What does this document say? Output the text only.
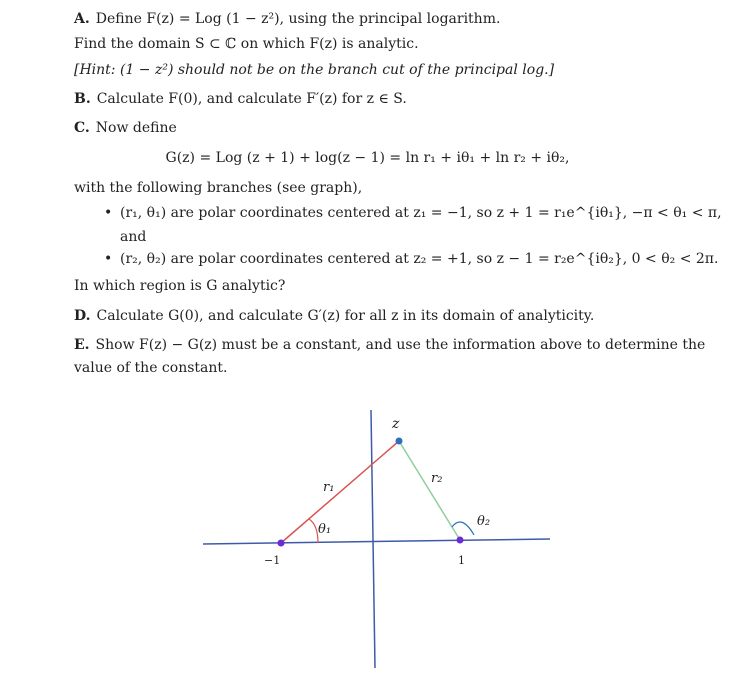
A. Define F(z) = Log (1 − z²), using the principal logarithm.
Find the domain S ⊂ ℂ on which F(z) is analytic.
[Hint: (1 − z²) should not be on the branch cut of the principal log.]
B. Calculate F(0), and calculate F′(z) for z ∈ S.
C. Now define
G(z) = Log (z + 1) + log(z − 1) = ln r₁ + iθ₁ + ln r₂ + iθ₂,
with the following branches (see graph),
• (r₁, θ₁) are polar coordinates centered at z₁ = −1, so z + 1 = r₁e^{iθ₁}, −π < θ₁ < π,
and
• (r₂, θ₂) are polar coordinates centered at z₂ = +1, so z − 1 = r₂e^{iθ₂}, 0 < θ₂ < 2π.
In which region is G analytic?
D. Calculate G(0), and calculate G′(z) for all z in its domain of analyticity.
E. Show F(z) − G(z) must be a constant, and use the information above to determine the
value of the constant.
z
r₁
r₂
θ₁
θ₂
−1	1
